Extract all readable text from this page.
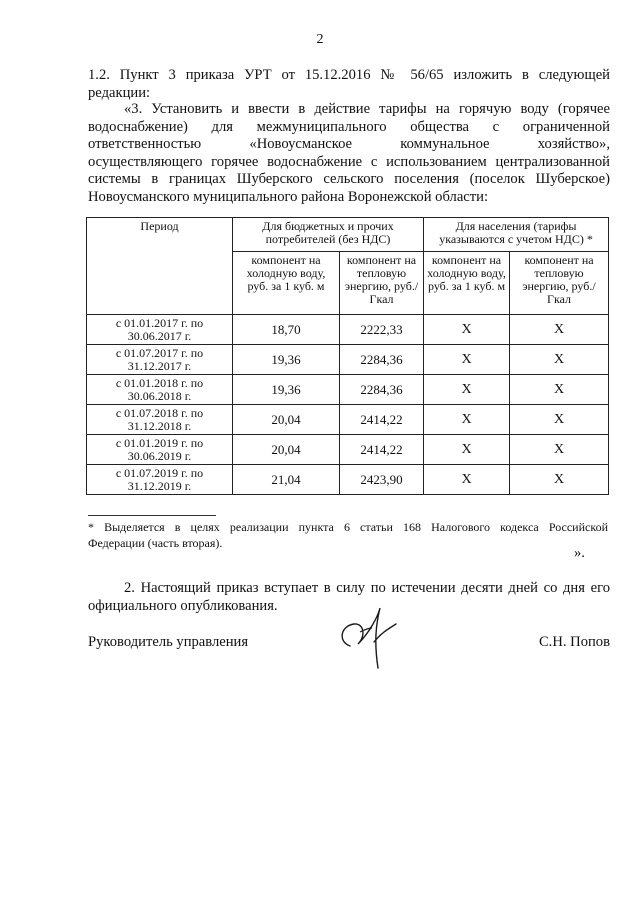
2

1.2. Пункт 3 приказа УРТ от 15.12.2016 № 56/65 изложить в следующей
редакции:

«3. Установить и ввести в действие тарифы на горячую воду (горячее
водоснабжение) для межмуниципального общества с ограниченной
ответственностью «Новоусманское коммунальное хозяйство»,
осуществляющего горячее водоснабжение с использованием централизованной
системы в границах Шуберского сельского поселения (поселок Шуберское)
Новоусманского муниципального района Воронежской области:

Период	Для бюджетных и прочих потребителей (без НДС)		Для населения (тарифы указываются с учетом НДС) *	
	компонент на холодную воду, руб. за 1 куб. м	компонент на тепловую энергию, руб./Гкал	компонент на холодную воду, руб. за 1 куб. м	компонент на тепловую энергию, руб./Гкал
с 01.01.2017 г. по 30.06.2017 г.	18,70	2222,33	Х	Х
с 01.07.2017 г. по 31.12.2017 г.	19,36	2284,36	Х	Х
с 01.01.2018 г. по 30.06.2018 г.	19,36	2284,36	Х	Х
с 01.07.2018 г. по 31.12.2018 г.	20,04	2414,22	Х	Х
с 01.01.2019 г. по 30.06.2019 г.	20,04	2414,22	Х	Х
с 01.07.2019 г. по 31.12.2019 г.	21,04	2423,90	Х	Х
* Выделяется в целях реализации пункта 6 статьи 168 Налогового кодекса Российской
Федерации (часть вторая).
».

2. Настоящий приказ вступает в силу по истечении десяти дней со дня его
официального опубликования.

Руководитель управления	С.Н. Попов
